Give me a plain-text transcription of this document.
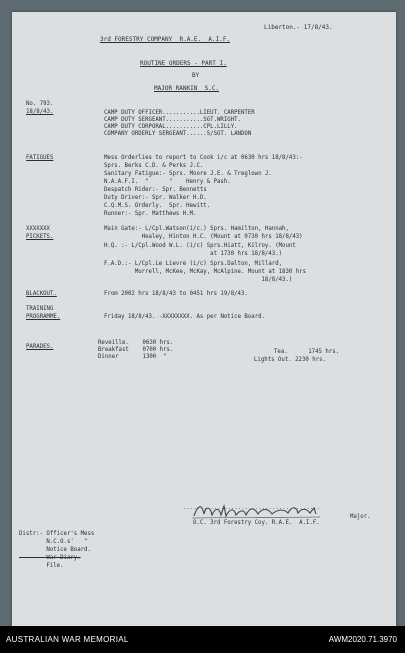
Liberton.- 17/8/43.
3rd FORESTRY COMPANY  R.A.E.  A.I.F.
ROUTINE ORDERS - PART I.
BY
MAJOR RANKIN  S.C.
No. 793.
18/8/43.	CAMP DUTY OFFICER...........LIEUT. CARPENTER
CAMP DUTY SERGEANT...........SGT.WRIGHT.
CAMP DUTY CORPORAL...........CPL.LILLY.
COMPANY ORDERLY SERGEANT......S/SGT. LANDON
FATIGUES	Mess Orderlies to report to Cook i/c at 0630 hrs 18/8/43:-
Sprs. Berks C.D. & Perks J.C.
Sanitary Fatigue:- Sprs. Moore J.E. & Treglown J.
N.A.A.F.I.  "      "    Henry & Pash.
Despatch Rider:- Spr. Bennetts
Duty Driver:- Spr. Walker H.D.
C.Q.M.S. Orderly.  Spr. Hewitt.
Runner:- Spr. Matthews H.M.
XXXXXXX
PICKETS.
Main Gate:- L/Cpl.Watson(i/c.) Sprs. Hamilton, Hannah,
Healey, Hinton H.C. (Mount at 0730 hrs 18/8/43)
H.Q. :- L/Cpl.Wood W.L. (i/c) Sprs.Hiatt, Kilroy. (Mount
at 1730 hrs 18/8/43.)
F.A.D.:- L/Cpl.Le Lievre (i/c) Sprs.Dalton, Millard,
Murrell, McKee, McKay, McAlpine. Mount at 1830 hrs
18/8/43.)
BLACKOUT.	From 2002 hrs 18/8/43 to 0451 hrs 19/8/43.
TRAINING
PROGRAMME.	Friday 18/8/43. -XXXXXXXX. As per Notice Board.
PARADES.
Reveille.    0630 hrs.
Breakfast    0700 hrs.
Dinner       1300  "
Tea.      1745 hrs.
Lights Out. 2230 hrs.
........................................
Major.
O.C. 3rd Forestry Coy. R.A.E.  A.I.F.
Distr:- Officer's Mess
N.C.O.s'   "
Notice Board.
War Diary.
File.
AUSTRALIAN WAR MEMORIAL	AWM2020.71.3970
